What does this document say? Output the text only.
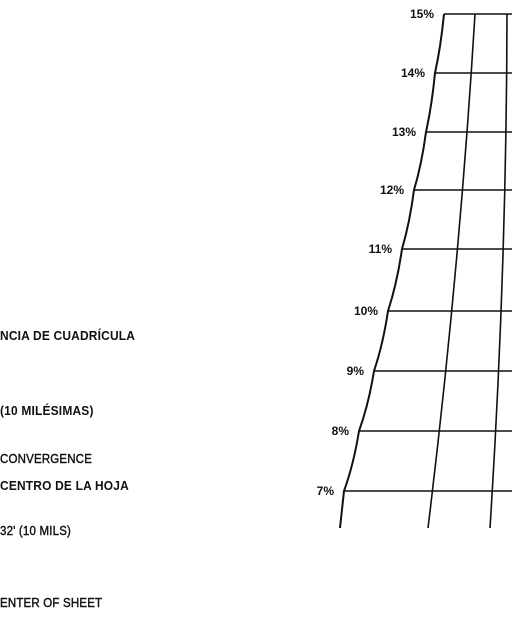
NCIA DE CUADRÍCULA

(10 MILÉSIMAS)

CENTRO DE LA HOJA

CONVERGENCE

32' (10 MILS)

ENTER OF SHEET

15%
14%
13%
12%
11%
10%
9%
8%
7%
